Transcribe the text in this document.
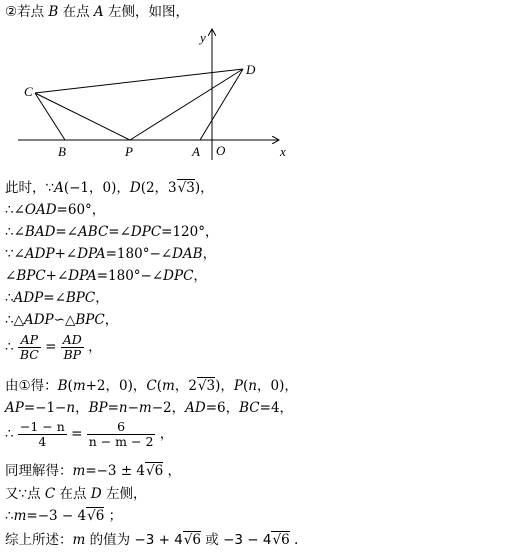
②若点 B 在点 A 左侧，如图，
y
x
D
C
B	P	A O
此时，∵A(−1，0)，D(2，3√3)，
∴∠OAD=60°，
∴∠BAD=∠ABC=∠DPC=120°，
∵∠ADP+∠DPA=180°−∠DAB，
∠BPC+∠DPA=180°−∠DPC，
∴ADP=∠BPC，
∴△ADP∽△BPC，
∴ $\frac{AP}{BC} = \frac{AD}{BP}$ ，
由①得：B(m+2，0)，C(m，2√3)，P(n，0)，
AP=−1−n，BP=n−m−2，AD=6，BC=4，
∴ $\frac{-1 - n}{4} = \frac{6}{n - m - 2}$ ，
同理解得：m=−3 ± 4√6 ，
又∵点 C 在点 D 左侧，
∴m=−3 − 4√6 ；
综上所述：m 的值为 −3 + 4√6 或 −3 − 4√6 .
